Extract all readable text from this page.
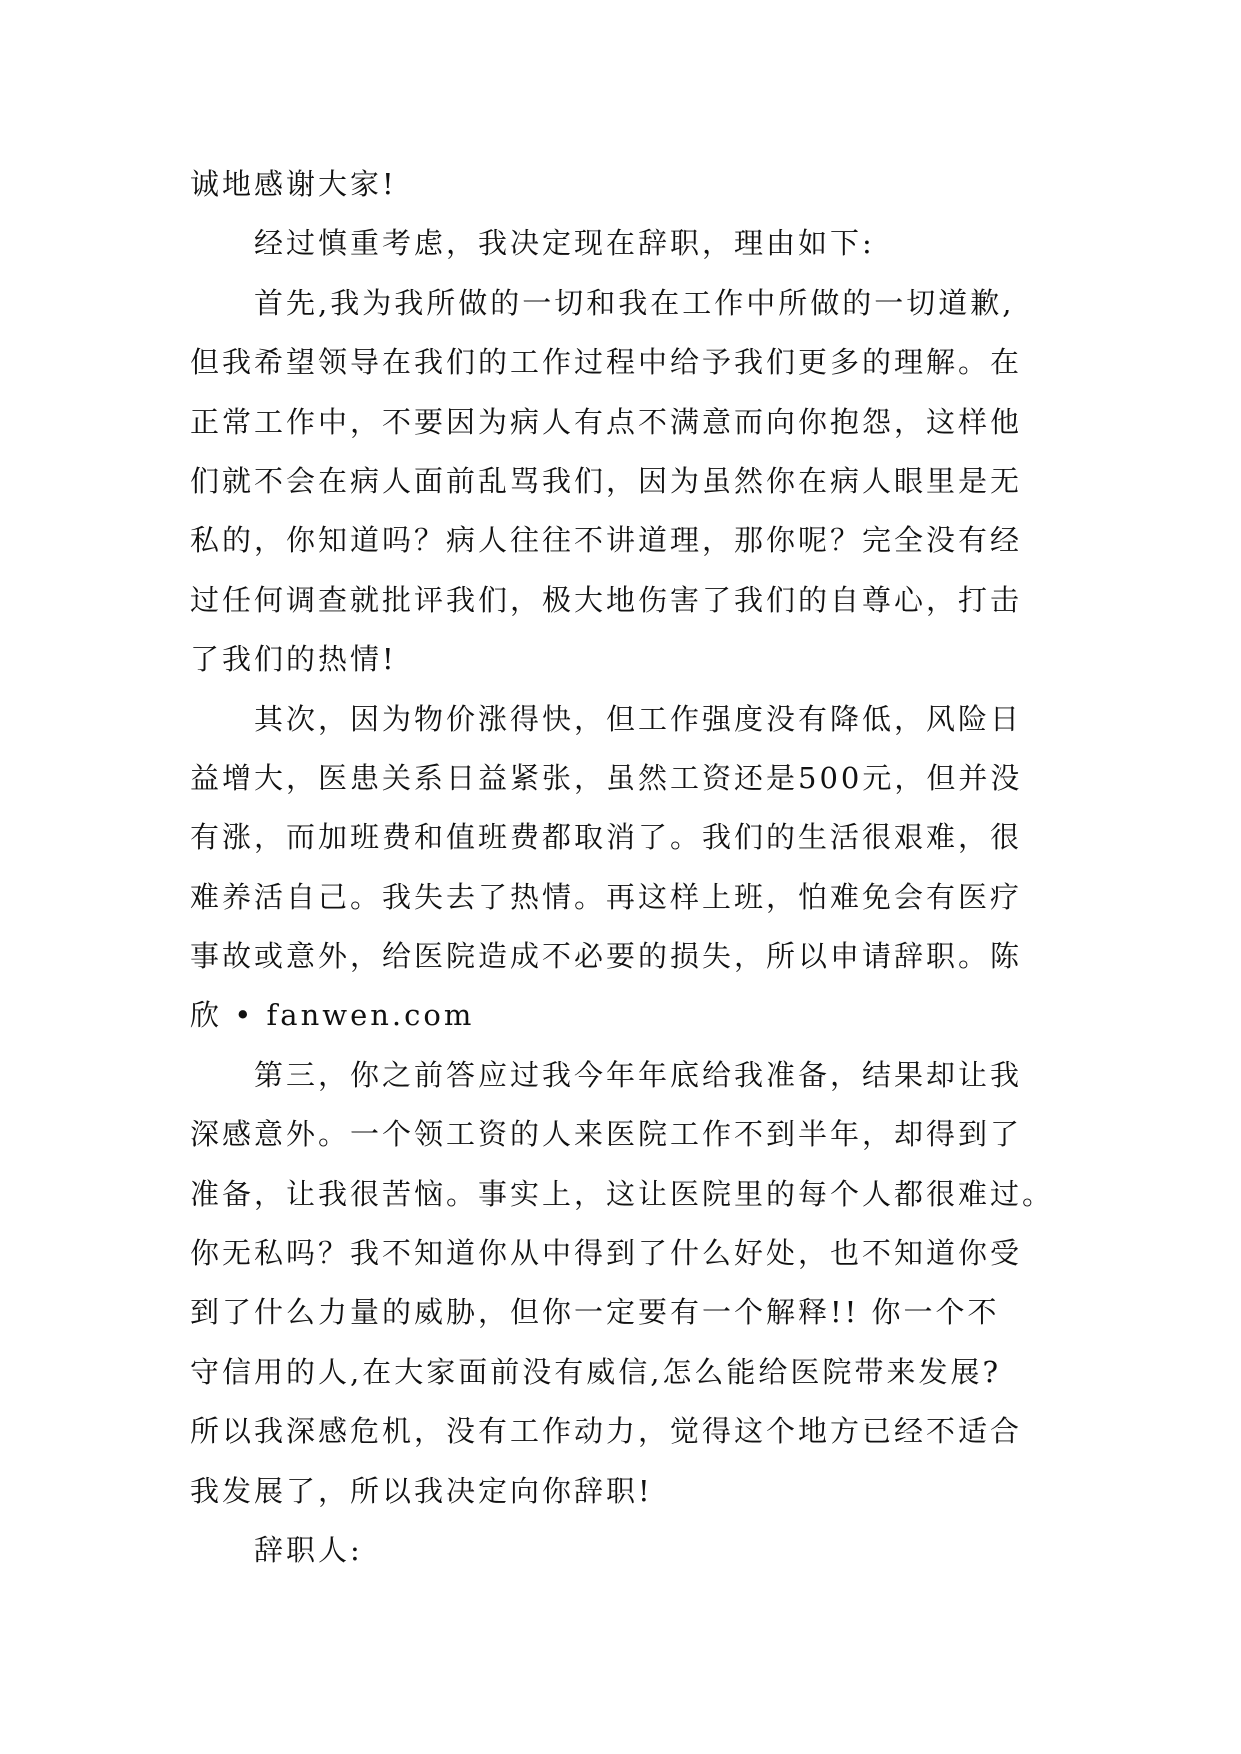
诚地感谢大家!
经过慎重考虑，我决定现在辞职，理由如下:
首先,我为我所做的一切和我在工作中所做的一切道歉,
但我希望领导在我们的工作过程中给予我们更多的理解。在
正常工作中，不要因为病人有点不满意而向你抱怨，这样他
们就不会在病人面前乱骂我们，因为虽然你在病人眼里是无
私的，你知道吗？病人往往不讲道理，那你呢？完全没有经
过任何调查就批评我们，极大地伤害了我们的自尊心，打击
了我们的热情!
其次，因为物价涨得快，但工作强度没有降低，风险日
益增大，医患关系日益紧张，虽然工资还是500元，但并没
有涨，而加班费和值班费都取消了。我们的生活很艰难，很
难养活自己。我失去了热情。再这样上班，怕难免会有医疗
事故或意外，给医院造成不必要的损失，所以申请辞职。陈
欣 • fanwen.com
第三，你之前答应过我今年年底给我准备，结果却让我
深感意外。一个领工资的人来医院工作不到半年，却得到了
准备，让我很苦恼。事实上，这让医院里的每个人都很难过。
你无私吗？我不知道你从中得到了什么好处，也不知道你受
到了什么力量的威胁，但你一定要有一个解释!! 你一个不
守信用的人,在大家面前没有威信,怎么能给医院带来发展?
所以我深感危机，没有工作动力，觉得这个地方已经不适合
我发展了，所以我决定向你辞职!
辞职人:
